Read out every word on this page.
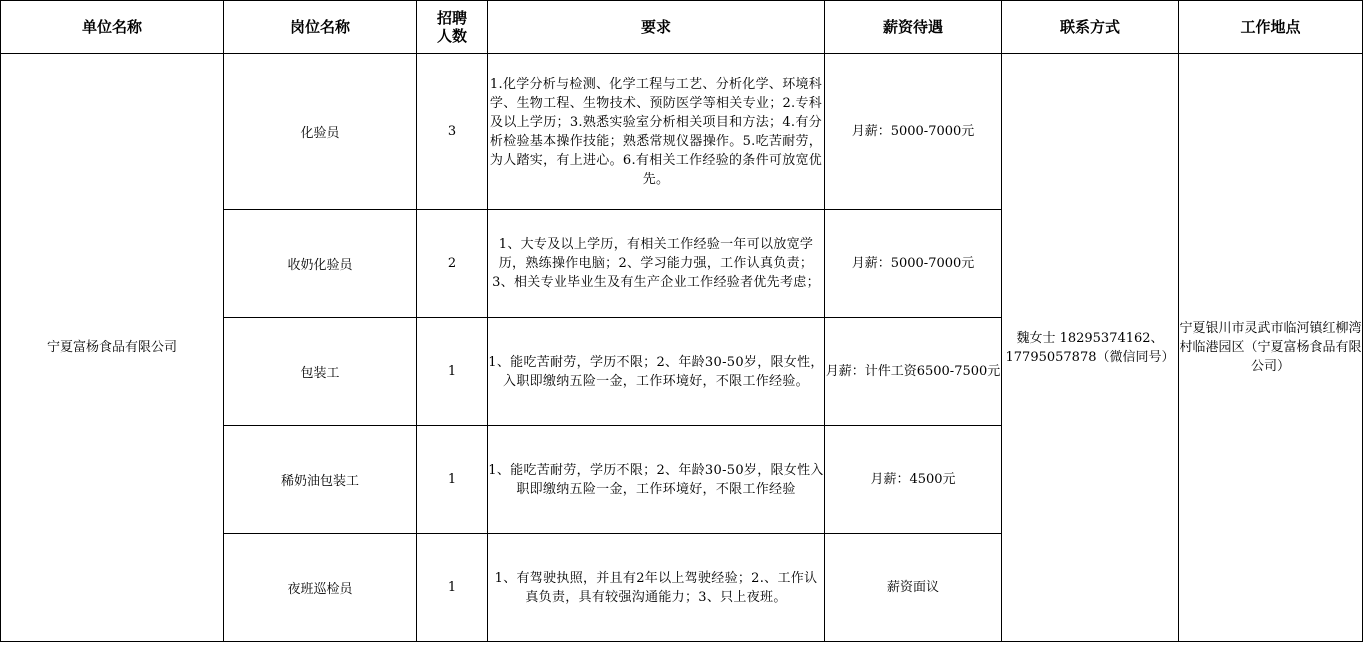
单位名称	岗位名称	招聘人数	要求	薪资待遇	联系方式	工作地点
宁夏富杨食品有限公司	化验员	3	1.化学分析与检测、化学工程与工艺、分析化学、环境科学、生物工程、生物技术、预防医学等相关专业；2.专科及以上学历；3.熟悉实验室分析相关项目和方法；4.有分析检验基本操作技能；熟悉常规仪器操作。5.吃苦耐劳，为人踏实，有上进心。6.有相关工作经验的条件可放宽优先。	月薪：5000-7000元	魏女士 18295374162、17795057878（微信同号）	宁夏银川市灵武市临河镇红柳湾村临港园区（宁夏富杨食品有限公司）
	收奶化验员	2	1、大专及以上学历，有相关工作经验一年可以放宽学历，熟练操作电脑；2、学习能力强，工作认真负责；3、相关专业毕业生及有生产企业工作经验者优先考虑；	月薪：5000-7000元		
	包装工	1	1、能吃苦耐劳，学历不限；2、年龄30-50岁，限女性，入职即缴纳五险一金，工作环境好，不限工作经验。	月薪：计件工资6500-7500元		
	稀奶油包装工	1	1、能吃苦耐劳，学历不限；2、年龄30-50岁，限女性入职即缴纳五险一金，工作环境好，不限工作经验	月薪：4500元		
	夜班巡检员	1	1、有驾驶执照，并且有2年以上驾驶经验；2.、工作认真负责，具有较强沟通能力；3、只上夜班。	薪资面议		
